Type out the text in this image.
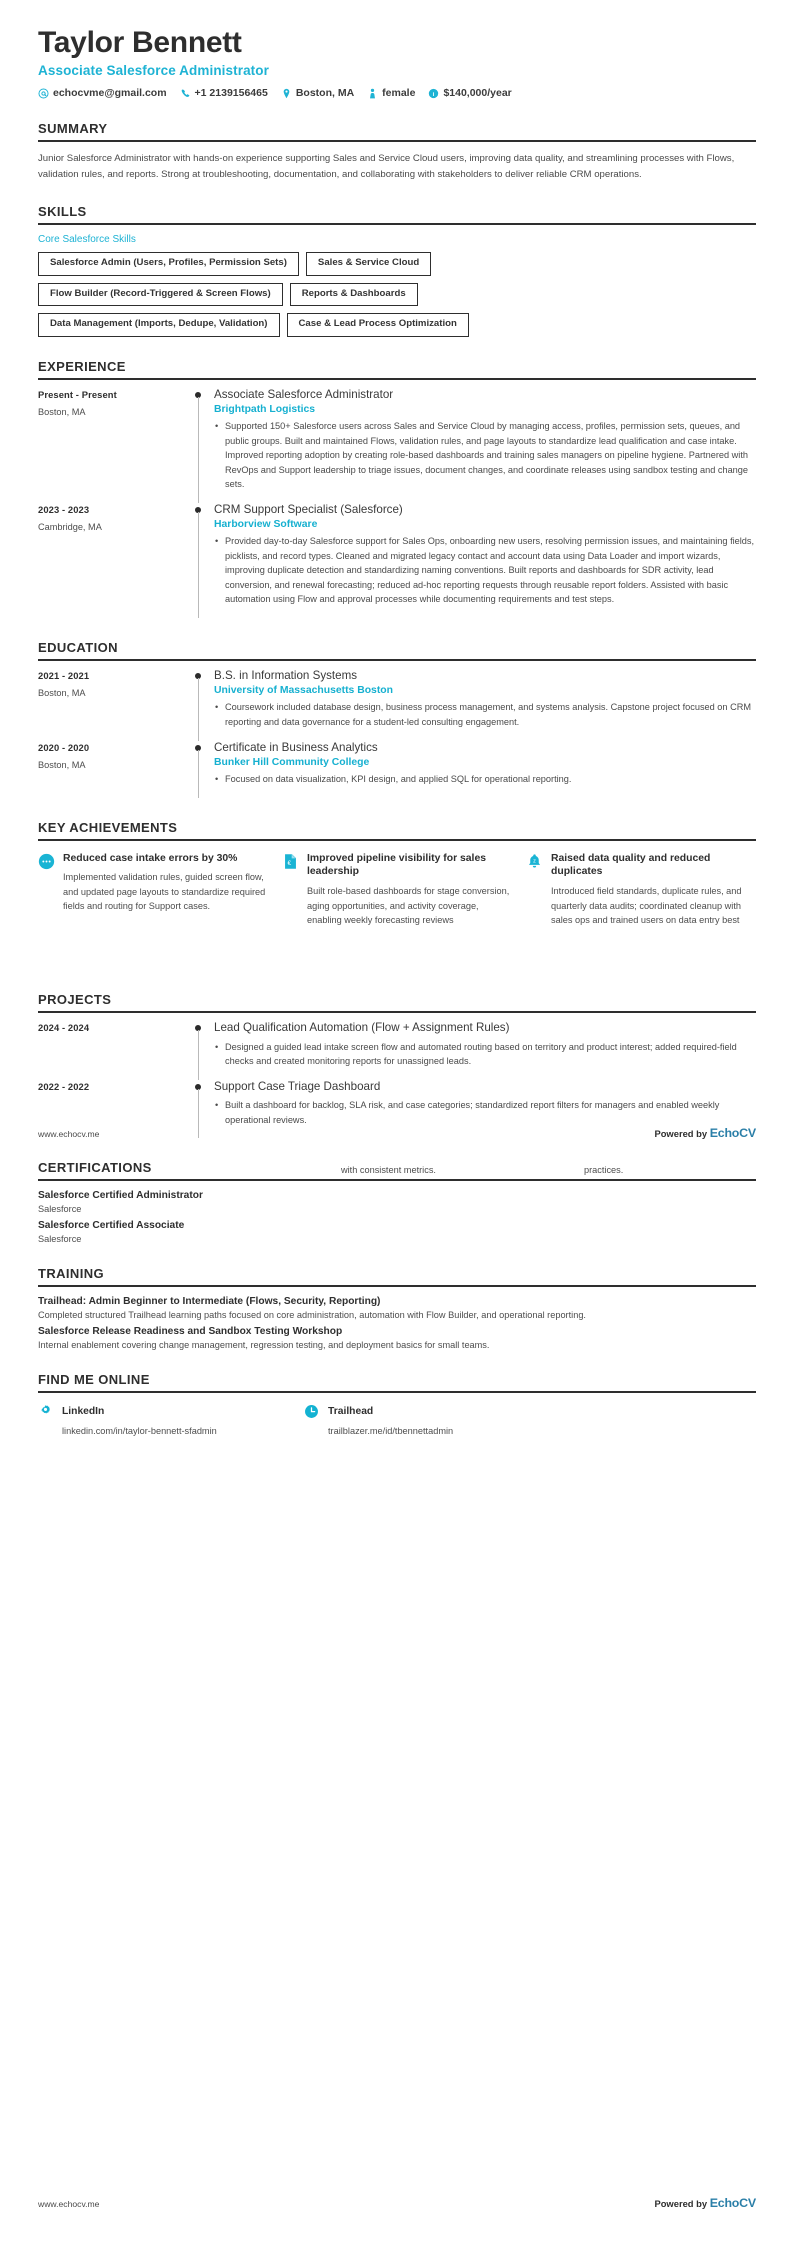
Taylor Bennett
Associate Salesforce Administrator
echocvme@gmail.com	+1 2139156465	Boston, MA	female i $140,000/year
SUMMARY
Junior Salesforce Administrator with hands-on experience supporting Sales and Service Cloud users, improving data quality, and streamlining processes with Flows, validation rules, and reports. Strong at troubleshooting, documentation, and collaborating with stakeholders to deliver reliable CRM operations.
SKILLS
Core Salesforce Skills
Salesforce Admin (Users, Profiles, Permission Sets)	Sales & Service Cloud
Flow Builder (Record-Triggered & Screen Flows)	Reports & Dashboards
Data Management (Imports, Dedupe, Validation)	Case & Lead Process Optimization
EXPERIENCE
Present - Present
Boston, MA
Associate Salesforce Administrator
Brightpath Logistics
• Supported 150+ Salesforce users across Sales and Service Cloud by managing access, profiles, permission sets, queues, and public groups. Built and maintained Flows, validation rules, and page layouts to standardize lead qualification and case intake. Improved reporting adoption by creating role-based dashboards and training sales managers on pipeline hygiene. Partnered with RevOps and Support leadership to triage issues, document changes, and coordinate releases using sandbox testing and change sets.
2023 - 2023
Cambridge, MA
CRM Support Specialist (Salesforce)
Harborview Software
• Provided day-to-day Salesforce support for Sales Ops, onboarding new users, resolving permission issues, and maintaining fields, picklists, and record types. Cleaned and migrated legacy contact and account data using Data Loader and import wizards, improving duplicate detection and standardizing naming conventions. Built reports and dashboards for SDR activity, lead conversion, and renewal forecasting; reduced ad-hoc reporting requests through reusable report folders. Assisted with basic automation using Flow and approval processes while documenting requirements and test steps.
EDUCATION
2021 - 2021
Boston, MA
B.S. in Information Systems
University of Massachusetts Boston
• Coursework included database design, business process management, and systems analysis. Capstone project focused on CRM reporting and data governance for a student-led consulting engagement.
2020 - 2020
Boston, MA
Certificate in Business Analytics
Bunker Hill Community College
• Focused on data visualization, KPI design, and applied SQL for operational reporting.
KEY ACHIEVEMENTS
Reduced case intake errors by 30%
Implemented validation rules, guided screen flow, and updated page layouts to standardize required fields and routing for Support cases.
€ Improved pipeline visibility for sales leadership
Built role-based dashboards for stage conversion, aging opportunities, and activity coverage, enabling weekly forecasting reviews
z Raised data quality and reduced duplicates
Introduced field standards, duplicate rules, and quarterly data audits; coordinated cleanup with sales ops and trained users on data entry best
www.echocv.me	Powered by EchoCV
with consistent metrics.	practices.
PROJECTS
2024 - 2024	Lead Qualification Automation (Flow + Assignment Rules)
• Designed a guided lead intake screen flow and automated routing based on territory and product interest; added required-field checks and created monitoring reports for unassigned leads.
2022 - 2022	Support Case Triage Dashboard
• Built a dashboard for backlog, SLA risk, and case categories; standardized report filters for managers and enabled weekly operational reviews.
CERTIFICATIONS
Salesforce Certified Administrator
Salesforce
Salesforce Certified Associate
Salesforce
TRAINING
Trailhead: Admin Beginner to Intermediate (Flows, Security, Reporting)
Completed structured Trailhead learning paths focused on core administration, automation with Flow Builder, and operational reporting.
Salesforce Release Readiness and Sandbox Testing Workshop
Internal enablement covering change management, regression testing, and deployment basics for small teams.
FIND ME ONLINE
LinkedIn
linkedin.com/in/taylor-bennett-sfadmin
Trailhead
trailblazer.me/id/tbennettadmin
www.echocv.me	Powered by EchoCV
